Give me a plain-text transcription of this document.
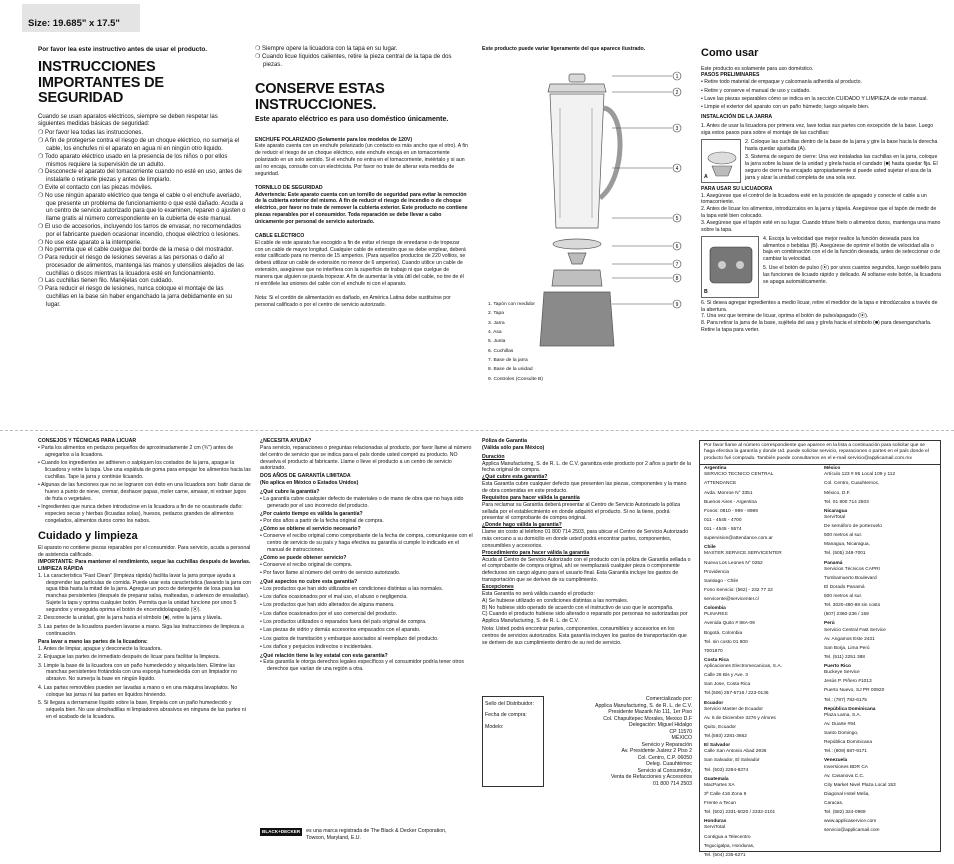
Size: 19.685" x 17.5"
Por favor lea este instructivo antes de usar el producto.
INSTRUCCIONES IMPORTANTES DE SEGURIDAD
Cuando se usan aparatos eléctricos, siempre se deben respetar las siguientes medidas básicas de seguridad:
❍ Por favor lea todas las instrucciones.
❍ A fin de protegerse contra el riesgo de un choque eléctrico, no sumerja el cable, los enchufes ni el aparato en agua ni en ningún otro líquido.
❍ Todo aparato eléctrico usado en la presencia de los niños o por ellos mismos requiere la supervisión de un adulto.
❍ Desconecte el aparato del tomacorriente cuando no esté en uso, antes de instalarle o retirarle piezas y antes de limpiarlo.
❍ Evite el contacto con las piezas móviles.
❍ No use ningún aparato eléctrico que tenga el cable o el enchufe averiado, que presente un problema de funcionamiento o que esté dañado. Acuda a un centro de servicio autorizado para que lo examinen, reparen o ajusten o llame gratis al número correspondiente en la cubierta de este manual.
❍ El uso de accesorios, incluyendo los tarros de envasar, no recomendados por el fabricante pueden ocasionar incendio, choque eléctrico o lesiones.
❍ No use este aparato a la intemperie.
❍ No permita que el cable cuelgue del borde de la mesa o del mostrador.
❍ Para reducir el riesgo de lesiones severas a las personas o daño al procesador de alimentos, mantenga las manos y utensilios alejados de las cuchillas o discos mientras la licuadora esté en funcionamiento.
❍ Las cuchillas tienen filo. Manéjelas con cuidado.
❍ Para reducir el riesgo de lesiones, nunca coloque el montaje de las cuchillas en la base sin haber enganchado la jarra debidamente en su lugar.
❍ Siempre opere la licuadora con la tapa en su lugar.
❍ Cuando licue líquidos calientes, retire la pieza central de la tapa de dos piezas.
CONSERVE ESTAS INSTRUCCIONES.
Este aparato eléctrico es para uso doméstico únicamente.
ENCHUFE POLARIZADO (Solamente para los modelos de 120V)
Este aparato cuenta con un enchufe polarizado (un contacto es más ancho que el otro). A fin de reducir el riesgo de un choque eléctrico, este enchufe encaja en un tomacorriente polarizado en un solo sentido. Si el enchufe no entra en el tomacorriente, inviértalo y si aun así no encaja, consulte con un electricista. Por favor no trate de alterar esta medida de seguridad.
TORNILLO DE SEGURIDAD
Advertencia: Este aparato cuenta con un tornillo de seguridad para evitar la remoción de la cubierta exterior del mismo. A fin de reducir el riesgo de incendio o de choque eléctrico, por favor no trate de remover la cubierta exterior. Este producto no contiene piezas reparables por el consumidor. Toda reparación se debe llevar a cabo únicamente por personal de servicio autorizado.
CABLE ELÉCTRICO
El cable de este aparato fue escogido a fin de evitar el riesgo de enredarse o de tropezar con un cable de mayor longitud. Cualquier cable de extensión que se debe emplear, deberá estar calificado para no menos de 15 amperios. (Para aquellos productos de 220 voltios, se deberá utilizar un cable de extensión no menor de 6 amperios). Cuando utilice un cable de extensión, asegúrese que no interfiera con la superficie de trabajo ni que cuelgue de manera que alguien se pueda tropezar. A fin de aumentar la vida útil del cable, no tire de él ni enróllele las uniones del cable con el enchufe ni con el aparato.
Nota: Si el cordón de alimentación es dañado, en América Latina debe sustituirse por personal calificado o por el centro de servicio autorizado.
Este producto puede variar ligeramente del que aparece ilustrado.
1
2
3
4
5
6
7
8
9
1. Tapón con medidor
2. Tapa
3. Jarra
4. Asa
5. Junta
6. Cuchillas
7. Base de la jarra
8. Base de la unidad
9. Controles (Consulte B)
Como usar
Este producto es solamente para uso doméstico.
PASOS PRELIMINARES
• Retire todo material de empaque y calcomanía adherida al producto.
• Retire y conserve el manual de uso y cuidado.
• Lave las piezas separables cómo se indica en la sección CUIDADO Y LIMPIEZA de este manual.
• Limpie el exterior del aparato con un paño húmedo; luego séquelo bien.
INSTALACIÓN DE LA JARRA
1. Antes de usar la licuadora por primera vez, lave todas sus partes con excepción de la base. Luego siga estos pasos para sobre el montaje de las cuchillas:
A
2. Coloque las cuchillas dentro de la base de la jarra y gire la base hacia la derecha hasta quedar ajustada (A).
3. Sistema de seguro de cierre: Una vez instaladas las cuchillas en la jarra, coloque la jarra sobre la base de la unidad y gírela hacia el candado (■) hasta quedar fija. El seguro de cierre ha encajado apropiadamente si puede usted sujetar el asa de la jarra y alzar la unidad completa de una sola vez.
PARA USAR SU LICUADORA
1. Asegúrese que el control de la licuadora esté en la posición de apagado y conecte el cable a un tomacorriente.
2. Antes de licuar los alimentos, introdúzcalos en la jarra y tápela. Asegúrese que el tapón de medir de la tapa esté bien colocado.
3. Asegúrese que el tapón esté en su lugar. Cuando triture hielo o alimentos duros, mantenga una mano sobre la tapa.
B
4. Escoja la velocidad que mejor realice la función deseada para los alimentos o bebidas (B). Asegúrese de oprimir el botón de velocidad alla o baja en combinación con el de la función deseada, antes de seleccionar o de cambiar la velocidad.
5. Use el botón de pulso (⦿) por unos cuantos segundos, luego suéltelo para las funciones de licuado rápido y delicado. Al soltarse este botón, la licuadora se apaga automáticamente.
6. Si desea agregar ingredientes a medio licuar, retire el medidor de la tapa e introdúzcalos a través de la abertura.
7. Una vez que termine de licuar, oprima el botón de pulso/apagado (⦿).
8. Para retirar la jarra de la base, sujétela del asa y gírela hacia el símbolo (■) para desengancharla. Retire la tapa para verter.
CONSEJOS Y TÉCNICAS PARA LICUAR
• Parta los alimentos en pedazos pequeños de aproximadamente 2 cm (¾") antes de agregarlos a la licuadora.
• Cuando los ingredientes se adhieren o salpiquen los costados de la jarra, apague la licuadora y retire la tapa. Use una espátula de goma para empujar los alimentos hacia las cuchillas. Tape la jarra y continúe licuando.
• Algunas de las funciones que no se lograron con éxito en una licuadora son: batir claras de huevo a punto de nieve, cremar, deshacer papas, moler carne, amasar, ni extraer jugos de fruta o vegetales.
• Ingredientes que nunca deben introducirse en la licuadora a fin de no ocasionarle daño: especies secas y hierbas (licuadas solas), huesos, pedazos grandes de alimentos congelados, alimentos duros como los nabos.
Cuidado y limpieza
El aparato no contiene piezas reparables por el consumidor. Para servicio, acuda a personal de asistencia calificado.
IMPORTANTE: Para mantener el rendimiento, seque las cuchillas después de lavarlas.
LIMPIEZA RÁPIDA
1. La característica "Fast Clean" (limpieza rápida) facilita lavar la jarra porque ayuda a desprender las partículas de comida. Puede usar esta característica (lavando la jarra con agua tibia hasta la mitad de la jarra. Agregue un poco de detergente de losa para las manchas persistentes (después de preparar salsa, malteadas, o aderezo de ensaladas). Sujete la tapa y oprima cualquier botón. Permita que la unidad funcione por unos 5 segundos y enseguida oprima el botón de encendido/apagado (⦿).
2. Desconecte la unidad, gire la jarra hacia el símbolo (■), retire la jarra y lávela.
3. Las partes de la licuadora pueden lavarse a mano. Siga las instrucciones de limpieza a continuación.
Para lavar a mano las partes de la licuadora:
1. Antes de limpiar, apague y desconecte la licuadora.
2. Enjuague las partes de inmediato después de licuar para facilitar la limpieza.
3. Limpie la base de la licuadora con un paño humedecido y séquela bien. Elimine las manchas persistentes frotándola con una esponja humedecida con un limpiador no abrasivo. No sumerja la base en ningún líquido.
4. Las partes removibles pueden ser lavadas a mano o en una máquina lavaplatos. No coloque las jarras ni las partes en líquidos hirviendo.
5. Si llegara a derramarse líquido sobre la base, límpiela con un paño humedecido y séquela bien. No use almohadillas ni limpiadores abrasivos en ninguna de las partes ni en el acabado de la licuadora.
¿NECESITA AYUDA?
Para servicio, reparaciones o preguntas relacionadas al producto, por favor llame al número del centro de servicio que se indica para el país donde usted compró su producto. NO devuelva el producto al fabricante. Llame o lleve el producto a un centro de servicio autorizado.
DOS AÑOS DE GARANTÍA LIMITADA
(No aplica en México o Estados Unidos)
¿Qué cubre la garantía?
• La garantía cubre cualquier defecto de materiales o de mano de obra que no haya sido generado por el uso incorrecto del producto.
¿Por cuánto tiempo es válida la garantía?
• Por dos años a partir de la fecha original de compra.
¿Cómo se obtiene el servicio necesario?
• Conserve el recibo original como comprobante de la fecha de compra, comuníquese con el centro de servicio de su país y haga efectiva su garantía si cumple lo indicado en el manual de instrucciones.
¿Cómo se puede obtener servicio?
• Conserve el recibo original de compra.
• Por favor llame al número del centro de servicio autorizado.
¿Qué aspectos no cubre esta garantía?
• Los productos que han sido utilizados en condiciones distintas a las normales.
• Los daños ocasionados por el mal uso, el abuso o negligencia.
• Los productos que han sido alterados de alguna manera.
• Los daños ocasionados por el uso comercial del producto.
• Los productos utilizados o reparados fuera del país original de compra.
• Las piezas de vidrio y demás accesorios empacados con el aparato.
• Los gastos de tramitación y embarque asociados al reemplazo del producto.
• Los daños y perjuicios indirectos o incidentales.
¿Qué relación tiene la ley estatal con esta garantía?
• Esta garantía le otorga derechos legales específicos y el consumidor podría tener otros derechos que varían de una región a otra.
BLACK+DECKER	es una marca registrada de The Black & Decker Corporation, Towson, Maryland, E.U.
Póliza de Garantía
(Válida sólo para México)
Duración
Applica Manufacturing, S. de R. L. de C.V. garantiza este producto por 2 años a partir de la fecha original de compra.
¿Qué cubre esta garantía?
Esta Garantía cubre cualquier defecto que presenten las piezas, componentes y la mano de obra contenidas en este producto.
Requisitos para hacer válida la garantía
Para reclamar su Garantía deberá presentar al Centro de Servicio Autorizado la póliza sellada por el establecimiento en donde adquirió el producto. Si no la tiene, podrá presentar el comprobante de compra original.
¿Donde hago válida la garantía?
Llame sin costo al teléfono 01 800 714 2503, para ubicar el Centro de Servicio Autorizado más cercano a su domicilio en donde usted podrá encontrar partes, componentes, consumibles y accesorios.
Procedimiento para hacer válida la garantía
Acuda al Centro de Servicio Autorizado con el producto con la póliza de Garantía sellada o el comprobante de compra original, ahí se reemplazará cualquier pieza o componente defectuoso sin cargo alguno para el usuario final. Esta Garantía incluye los gastos de transportación que se deriven de su cumplimiento.
Excepciones
Esta Garantía no será válida cuando el producto:
A) Se hubiese utilizado en condiciones distintas a las normales.
B) No hubiese sido operado de acuerdo con el instructivo de uso que le acompaña.
C) Cuando el producto hubiese sido alterado o reparado por personas no autorizadas por Applica Manufacturing, S. de R. L. de C.V.
Nota: Usted podrá encontrar partes, componentes, consumibles y accesorios en los centros de servicios autorizados. Esta garantía incluyen los gastos de transportación que se deriven de sus cumplimiento dentro de su red de servicio.
Sello del Distribuidor:
Fecha de compra:
Modelo:
Comercializado por:
Applica Manufacturing, S. de R. L. de C.V.
Presidente Mazarik No 111, 1er Piso
Col. Chapultepec Morales, Mexico D.F
Delegación: Miguel Hidalgo
CP 11570
MÉXICO
Servicio y Reparación
Av. Presidente Juárez 2 Piso 2
Col. Centro, C.P. 06050
Deleg. Cuauhtémoc
Servicio al Consumidor,
Venta de Refacciones y Accesorios
01 800 714 2503
Por favor llame al número correspondiente que aparece en la lista a continuación para solicitar que se haga efectiva la garantía y donde Ud. puede solicitar servicio, reparaciones o partes en el país donde el producto fué comprado. También puede consultarnos en el e-mail servicio@applicamail.com.mx
Argentina
SERVICIO TECNICO CENTRAL
ATTENDANCE
Avda. Monroe N° 3351
Buenos Aires - Argentina
Fonos: 0810 - 999 - 8989
011 - 4545 - 4700
011 - 4545 - 5574
supervision@attendance.com.ar
Chile
MASTER SERVICE SERVICENTER
Nueva Los Leones N° 0252
Providencia
Santiago - Chile
Fono Servicio: (562) - 232 77 22
servicente@servicenter.cl
Colombia
PLINARES
Avenida Quito # 88A-09
Bogotá, Colombia
Tel. sin costo 01 800
7001870
Costa Rica
Aplicaciones Electromecanicas, S.A.
Calle 26 Bis y Ave. 3
San Jose, Costa Rica
Tel.(506) 257-5716 / 223-0136
Ecuador
Servicio Master de Ecuador
Av. 6 de Diciembre 3276 y Almres
Quito, Ecuador
Tel.(593) 2281-3662
El Salvador
Calle San Antonio Abad 2936
San Salvador, El Salvador
Tel. (503) 2284-8374
Guatemala
MacPartes SA
3ª Calle 416 Zona 9
Frente a Tecun
Tel. (502) 2331-5020 / 2332-2101
Honduras
ServiTotal
Contigua a Telecentro
Tegucigalpa, Honduras,
Tel. (504) 235-6271
México
Artículo 123 # 95 Local 109 y 112
Col. Centro, Cuauhtemoc,
México, D.F.
Tel. 01 800 714 2503
Nicaragua
ServiTotal
De semáforo de portezuelo
500 metros al sur.
Managua, Nicaragua,
Tel. (505) 248-7001
Panamá
Servicios Técnicos CAPRI
Tumbamuerto Boulevard
El Dorado Panamá
500 metros al sur.
Tel. 3020-480-88 sin costo
(507) 2360-236 / 159
Perú
Servicio Central Fast Service
Av. Angamos Este 2431
San Borja, Lima Perú
Tel. (511) 2251 388
Puerto Rico
Buckeye Service
Jesús P. Piñero #1013
Puerto Nuevo, SJ PR 00920
Tel.: (787) 782-6175
República Dominicana
Plaza Lama, S.A.
Av. Duarte #94
Santo Domingo,
República Dominicana
Tel.: (809) 687-9171
Venezuela
Inversiones BDR CA
Av. Casanova C.C.
City Market Nivel Plaza Local 153
Diagonal Hotel Melia,
Caracas.
Tel. (582) 324-0969
www.applicaservice.com
servicio@applicamail.com
